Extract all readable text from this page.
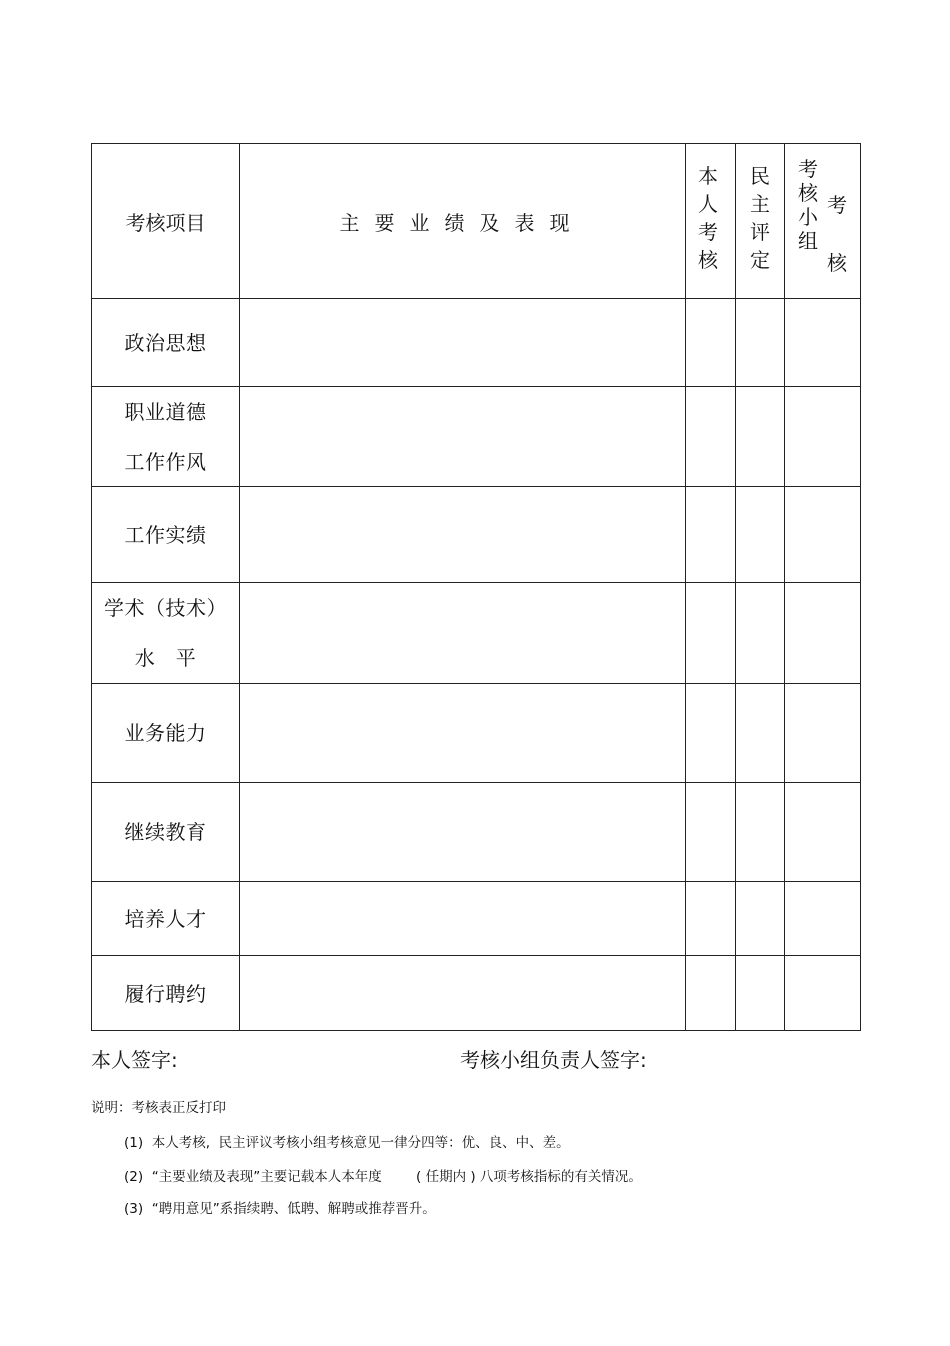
考核项目	主要业绩及表现
本
人
考
核
民
主
评
定
考
核
小
组
考
核
政治思想
职业道德
工作作风
工作实绩
学术（技术）
水　平
业务能力
继续教育
培养人才
履行聘约
本人签字:	考核小组负责人签字:
说明：考核表正反打印
(1)  本人考核,  民主评议考核小组考核意见一律分四等：优、良、中、差。
(2)  “主要业绩及表现”主要记载本人本年度        ( 任期内 ) 八项考核指标的有关情况。
(3)  “聘用意见”系指续聘、低聘、解聘或推荐晋升。
